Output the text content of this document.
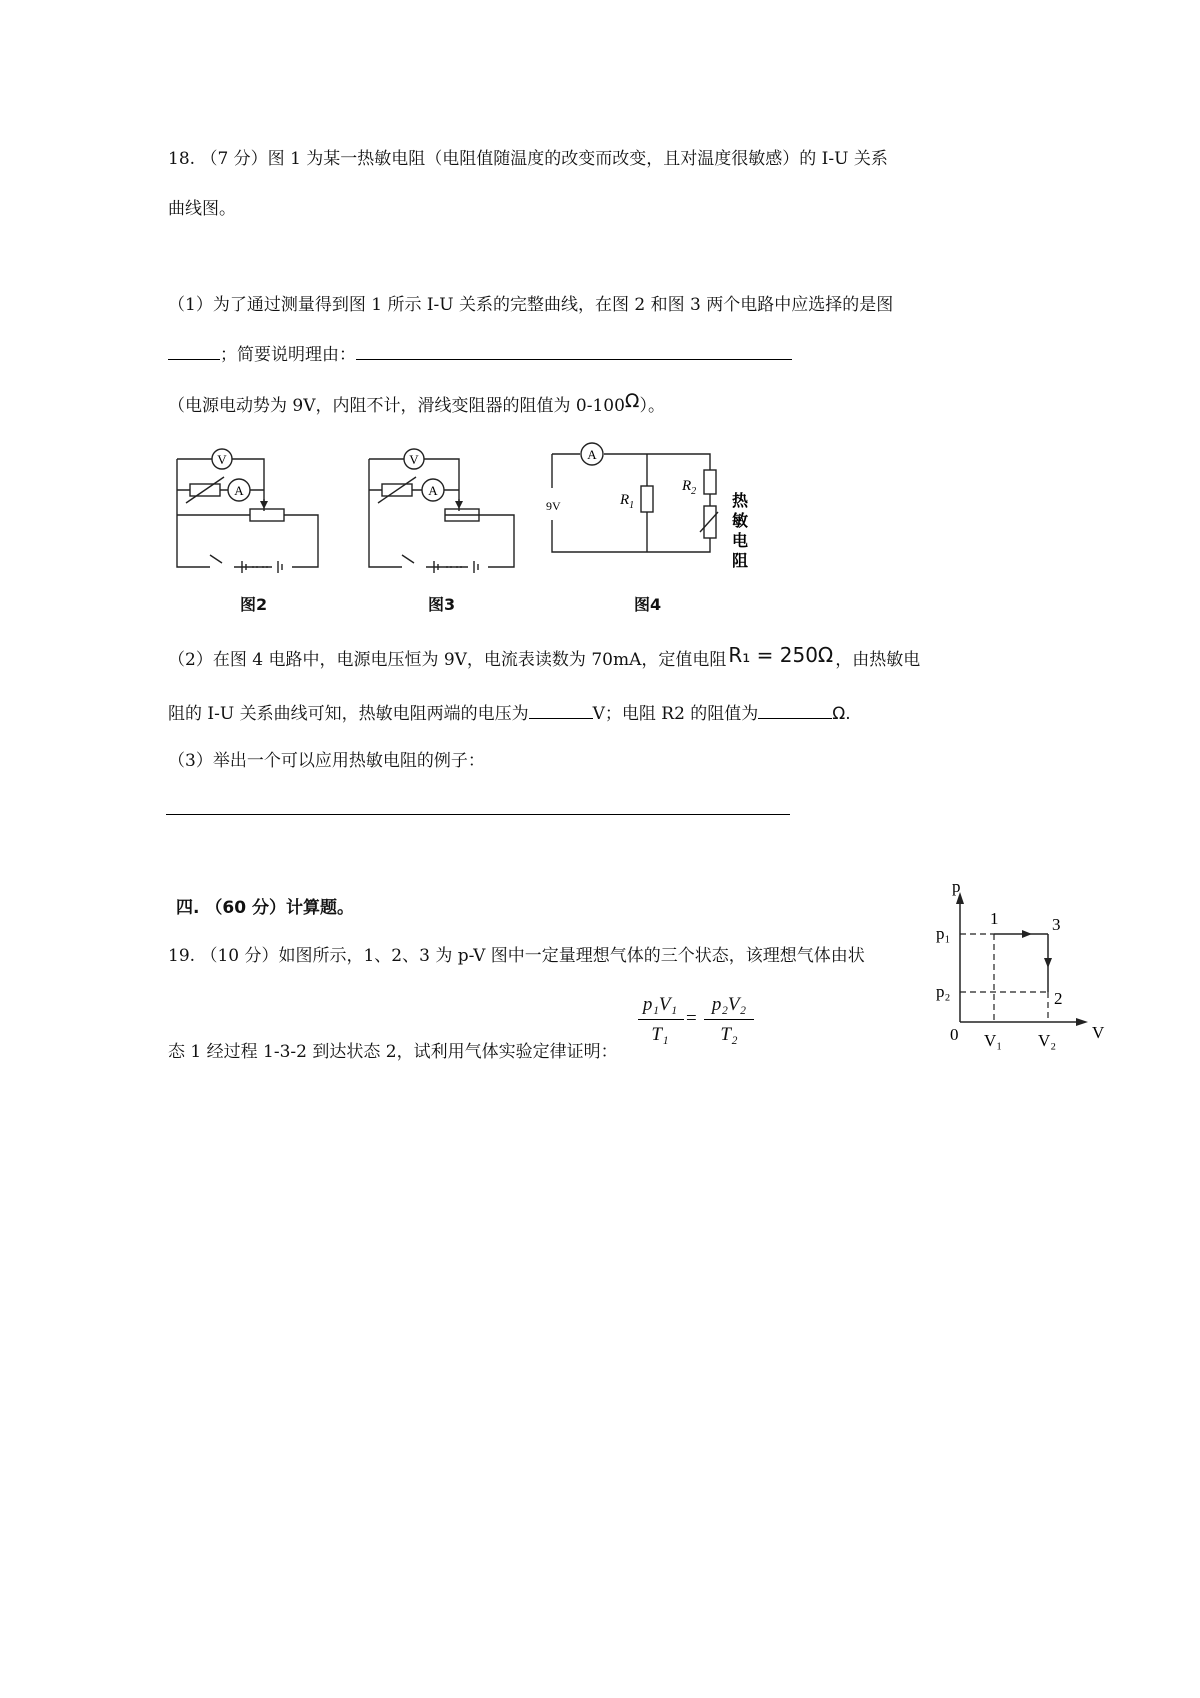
18. （7 分）图 1 为某一热敏电阻（电阻值随温度的改变而改变，且对温度很敏感）的 I-U 关系
曲线图。
（1）为了通过测量得到图 1 所示 I-U 关系的完整曲线，在图 2 和图 3 两个电路中应选择的是图
；简要说明理由：
（电源电动势为 9V，内阻不计，滑线变阻器的阻值为 0-100Ω）。
V
A
图2
V
A
图3
A
9V	$R_1$
$R_2$
热
敏
电
阻
图4
（2）在图 4 电路中，电源电压恒为 9V，电流表读数为 70mA，定值电阻 R₁ = 250Ω ，由热敏电
阻的 I-U 关系曲线可知，热敏电阻两端的电压为	V；电阻 R2 的阻值为	Ω.
（3）举出一个可以应用热敏电阻的例子：
四. （60 分）计算题。
19. （10 分）如图所示，1、2、3 为 p-V 图中一定量理想气体的三个状态，该理想气体由状
态 1 经过程 1-3-2 到达状态 2，试利用气体实验定律证明：
p₁V₁
T₁
=
p₂V₂
T₂
p
V
0
p₁
p₂
V₁ V₂
1
2
3
